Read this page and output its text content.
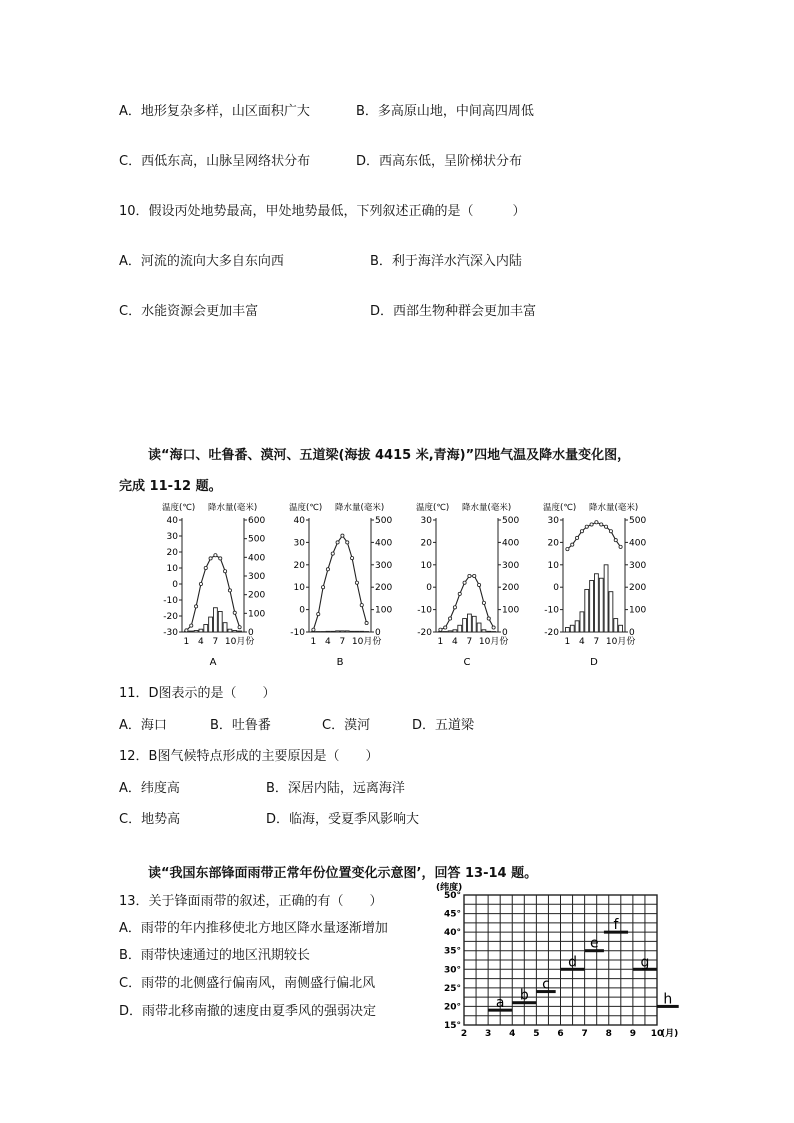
A．地形复杂多样，山区面积广大	B．多高原山地，中间高四周低
C．西低东高，山脉呈网络状分布	D．西高东低，呈阶梯状分布
10．假设丙处地势最高，甲处地势最低，下列叙述正确的是（　　　）
A．河流的流向大多自东向西	B．利于海洋水汽深入内陆
C．水能资源会更加丰富	D．西部生物种群会更加丰富
读“海口、吐鲁番、漠河、五道梁(海拔 4415 米,青海)”四地气温及降水量变化图，
完成 11-12 题。
温度(℃) 降水量(毫米)
40
30
20
10
0
-10
-20
-30
600
500
400
300
200
100
0
1 4 7 10月份
A
温度(℃) 降水量(毫米)
40
30
20
10
0
-10
500
400
300
200
100
0
1 4 7 10月份
B
温度(℃) 降水量(毫米)
30
20
10
0
-10
-20
500
400
300
200
100
0
1 4 7 10月份
C
温度(℃) 降水量(毫米)
30
20
10
0
-10
-20
500
400
300
200
100
0
1 4 7 10月份
D
11．D图表示的是（　　）
A．海口	B．吐鲁番	C．漠河	D．五道梁
12．B图气候特点形成的主要原因是（　　）
A．纬度高	B．深居内陆，远离海洋
C．地势高	D．临海，受夏季风影响大
读“我国东部锋面雨带正常年份位置变化示意图’，回答 13-14 题。
13．关于锋面雨带的叙述，正确的有（　　）
A．雨带的年内推移使北方地区降水量逐渐增加
B．雨带快速通过的地区汛期较长
C．雨带的北侧盛行偏南风，南侧盛行偏北风
D．雨带北移南撤的速度由夏季风的强弱决定
(纬度)
50°
45°
40°
35°
30°
25°
20°
15°
2 3 4 5 6 7 8 9 10
(月)
a b
c
d
e
f
g
h
